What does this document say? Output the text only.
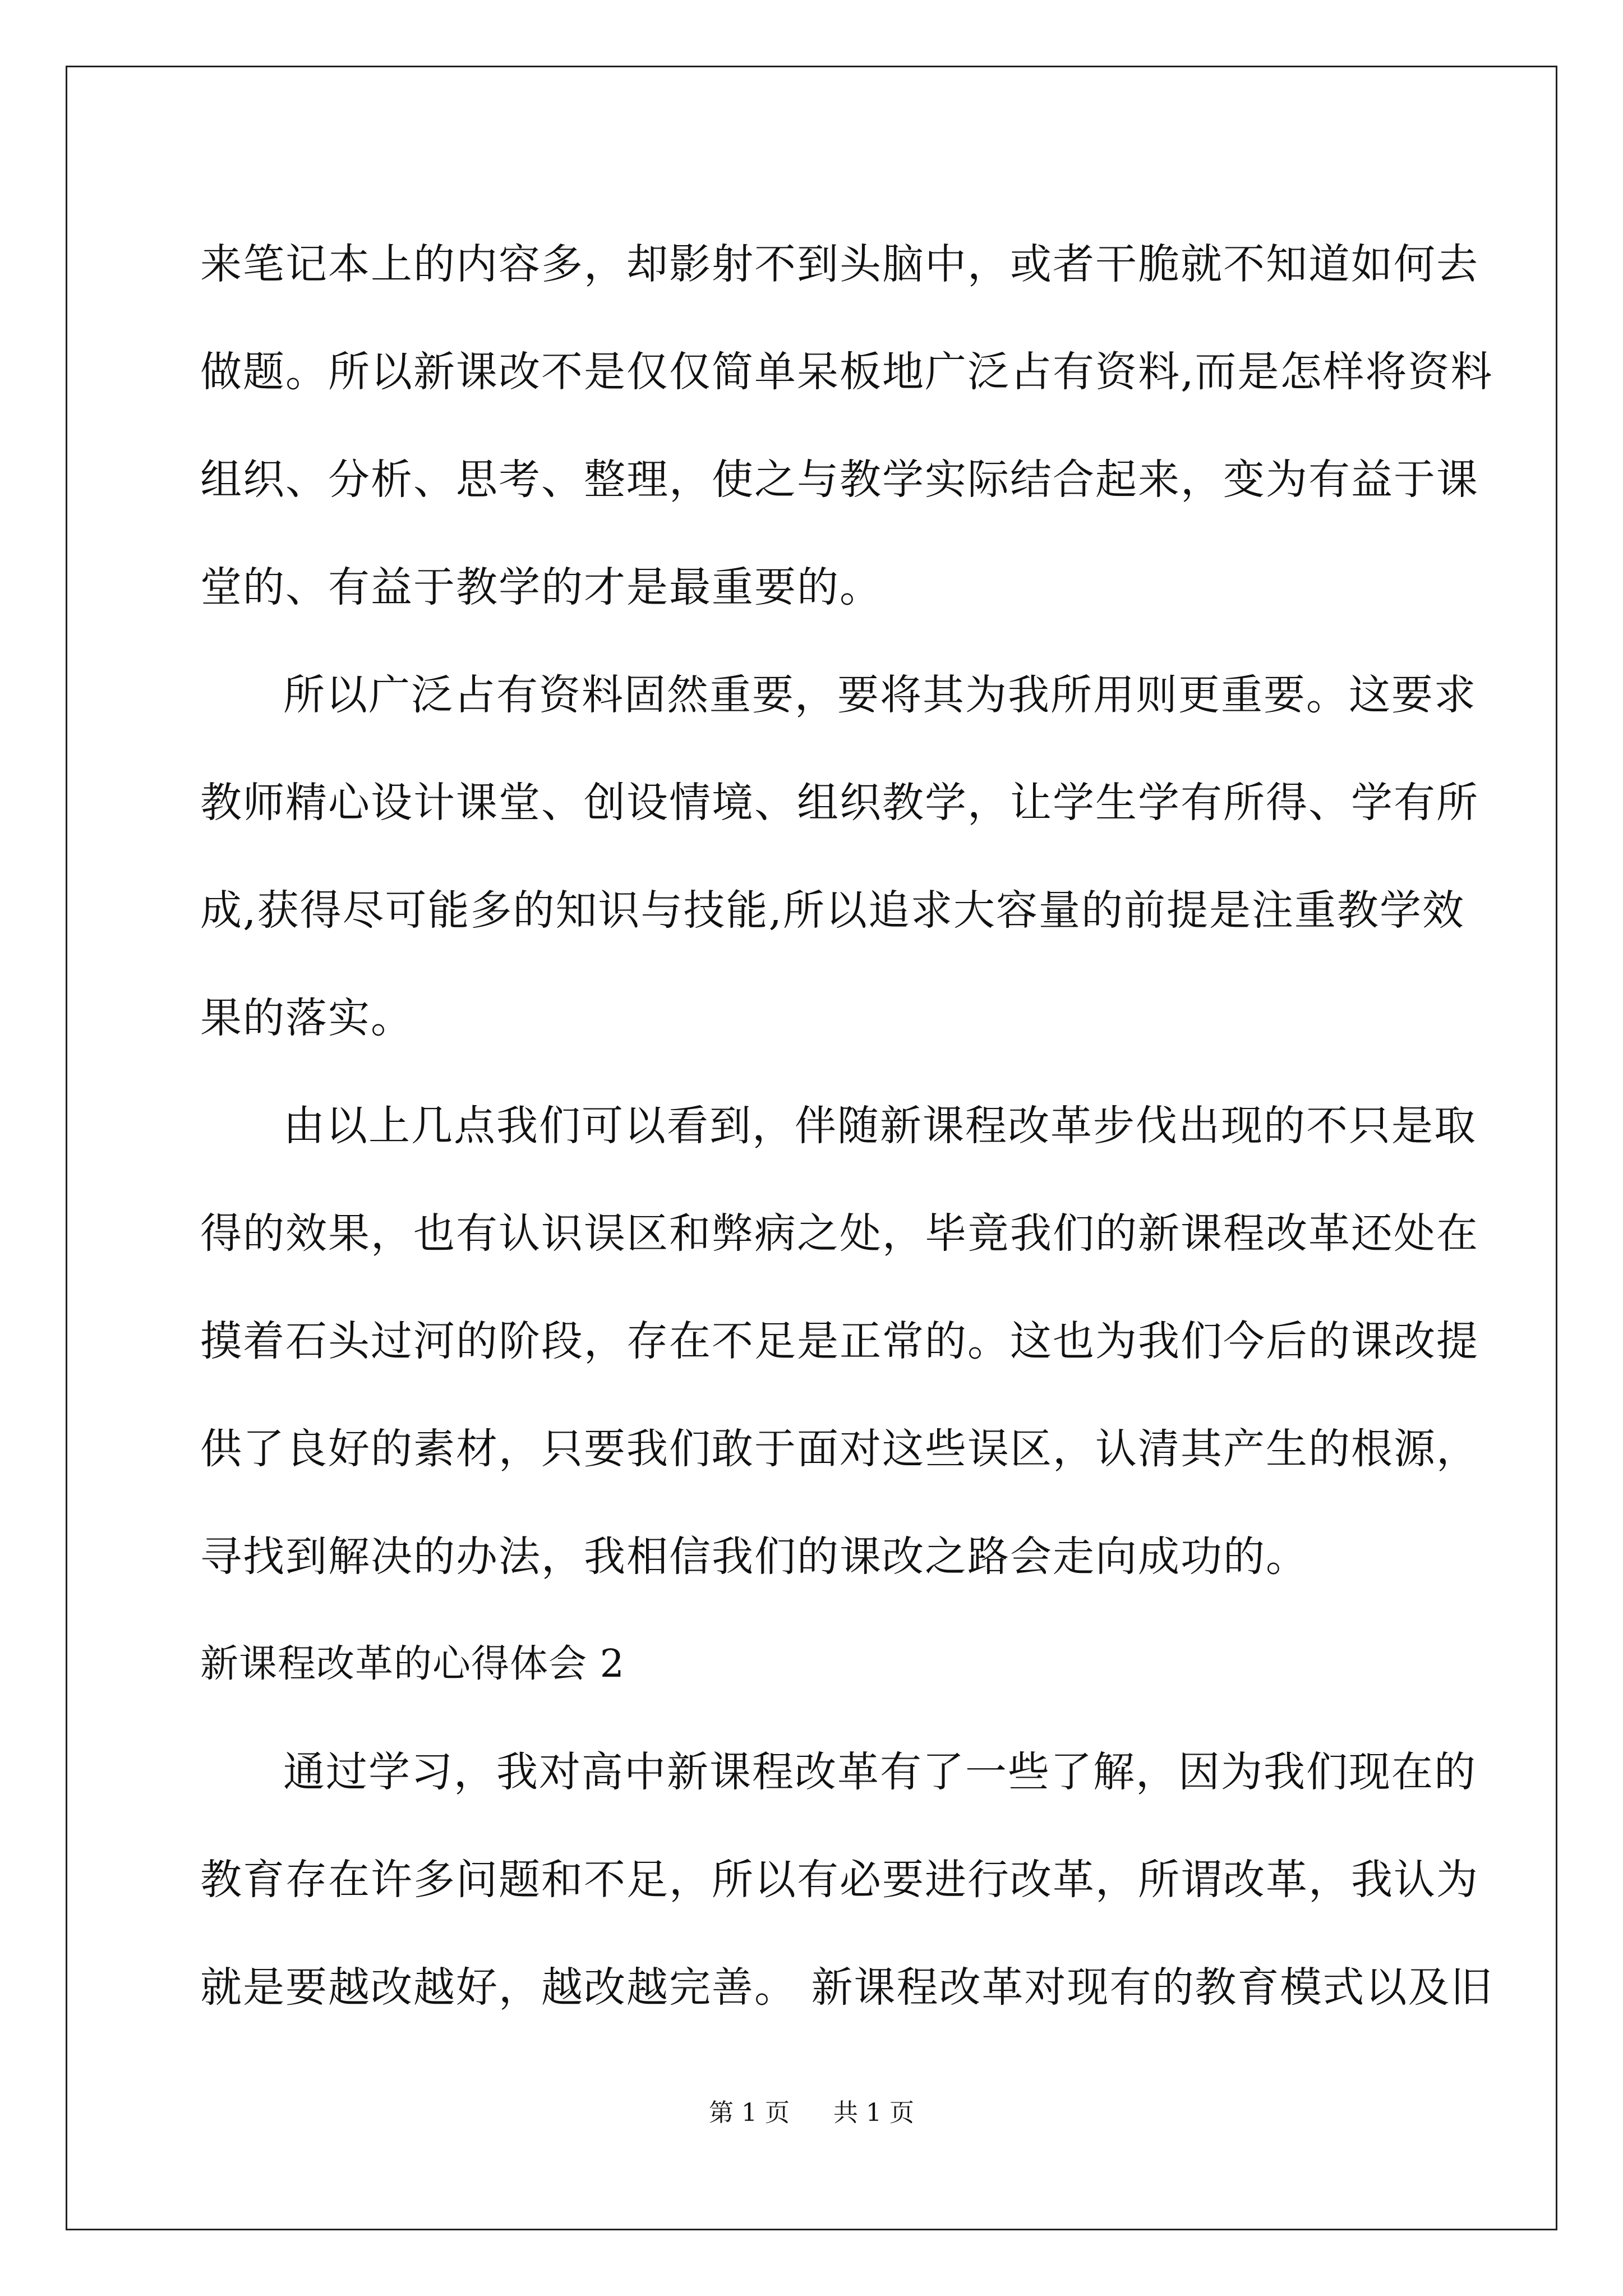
来笔记本上的内容多，却影射不到头脑中，或者干脆就不知道如何去

做题。所以新课改不是仅仅简单呆板地广泛占有资料,而是怎样将资料

组织、分析、思考、整理，使之与教学实际结合起来，变为有益于课

堂的、有益于教学的才是最重要的。

所以广泛占有资料固然重要，要将其为我所用则更重要。这要求

教师精心设计课堂、创设情境、组织教学，让学生学有所得、学有所

成,获得尽可能多的知识与技能,所以追求大容量的前提是注重教学效

果的落实。

由以上几点我们可以看到，伴随新课程改革步伐出现的不只是取

得的效果，也有认识误区和弊病之处，毕竟我们的新课程改革还处在

摸着石头过河的阶段，存在不足是正常的。这也为我们今后的课改提

供了良好的素材，只要我们敢于面对这些误区，认清其产生的根源，

寻找到解决的办法，我相信我们的课改之路会走向成功的。

新课程改革的心得体会 2

通过学习，我对高中新课程改革有了一些了解，因为我们现在的

教育存在许多问题和不足，所以有必要进行改革，所谓改革，我认为

就是要越改越好，越改越完善。 新课程改革对现有的教育模式以及旧

第 1 页 共 1 页
